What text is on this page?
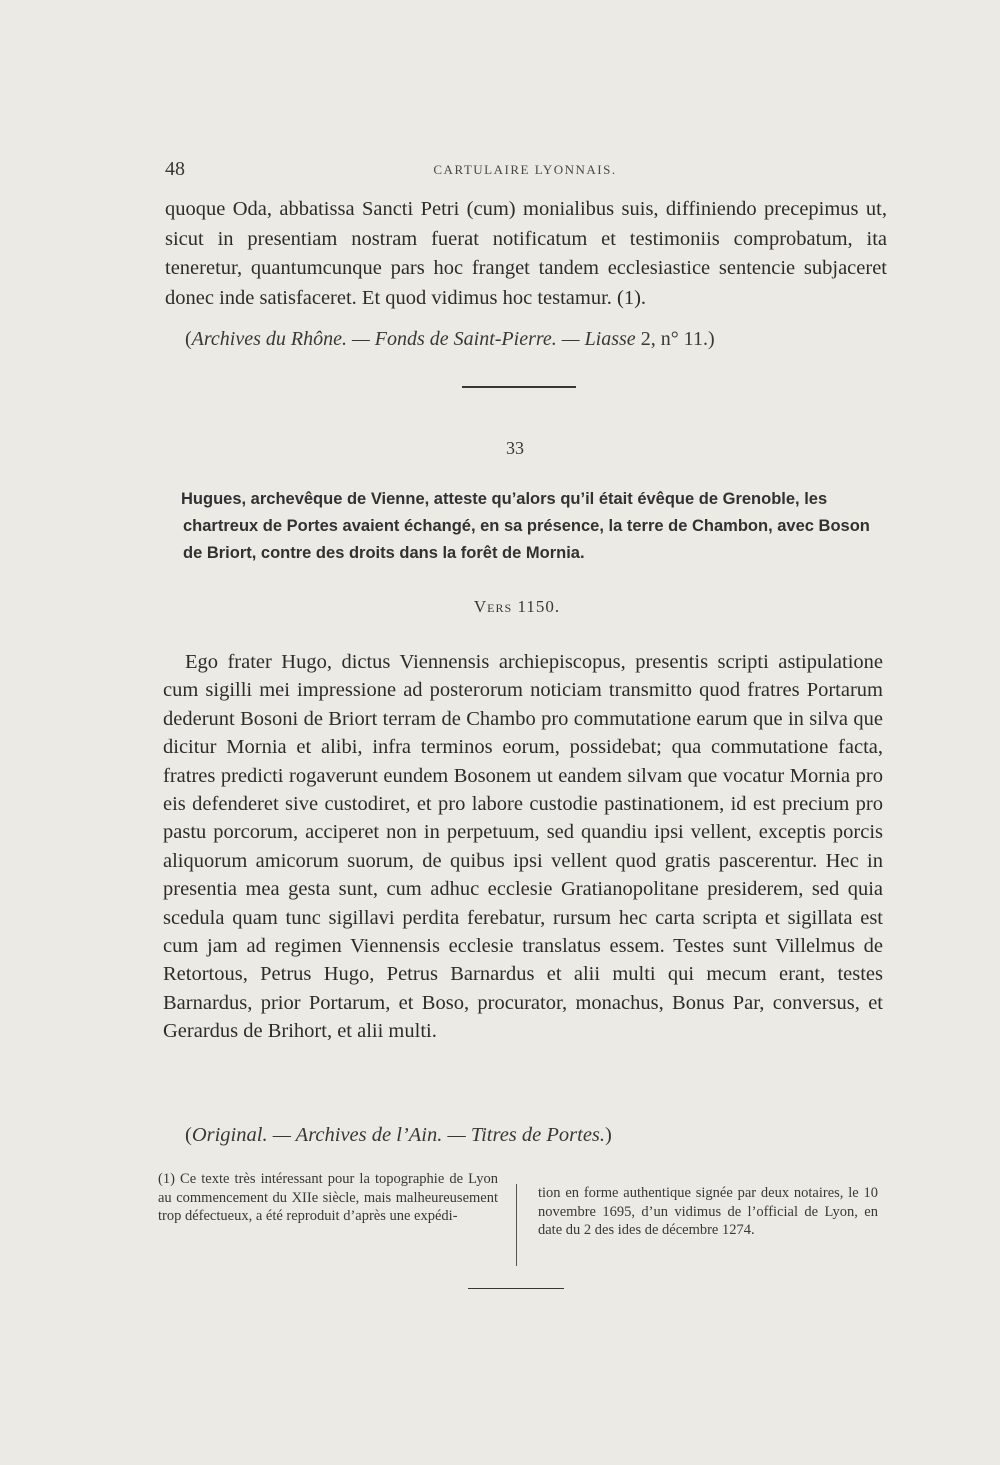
48	CARTULAIRE LYONNAIS.
quoque Oda, abbatissa Sancti Petri (cum) monialibus suis, diffiniendo precepimus ut, sicut in presentiam nostram fuerat notificatum et testimoniis comprobatum, ita teneretur, quantumcunque pars hoc franget tandem ecclesiastice sentencie subjaceret donec inde satisfaceret. Et quod vidimus hoc testamur. (1).
(Archives du Rhône. — Fonds de Saint-Pierre. — Liasse 2, n° 11.)
33

Hugues, archevêque de Vienne, atteste qu’alors qu’il était évêque de Grenoble, les chartreux de Portes avaient échangé, en sa présence, la terre de Chambon, avec Boson de Briort, contre des droits dans la forêt de Mornia.

Vers 1150.

Ego frater Hugo, dictus Viennensis archiepiscopus, presentis scripti astipulatione cum sigilli mei impressione ad posterorum noticiam transmitto quod fratres Portarum dederunt Bosoni de Briort terram de Chambo pro commutatione earum que in silva que dicitur Mornia et alibi, infra terminos eorum, possidebat; qua commutatione facta, fratres predicti rogaverunt eundem Bosonem ut eandem silvam que vocatur Mornia pro eis defenderet sive custodiret, et pro labore custodie pastinationem, id est precium pro pastu porcorum, acciperet non in perpetuum, sed quandiu ipsi vellent, exceptis porcis aliquorum amicorum suorum, de quibus ipsi vellent quod gratis pascerentur. Hec in presentia mea gesta sunt, cum adhuc ecclesie Gratianopolitane presiderem, sed quia scedula quam tunc sigillavi perdita ferebatur, rursum hec carta scripta et sigillata est cum jam ad regimen Viennensis ecclesie translatus essem. Testes sunt Villelmus de Retortous, Petrus Hugo, Petrus Barnardus et alii multi qui mecum erant, testes Barnardus, prior Portarum, et Boso, procurator, monachus, Bonus Par, conversus, et Gerardus de Brihort, et alii multi.

(Original. — Archives de l’Ain. — Titres de Portes.)
(1) Ce texte très intéressant pour la topographie de Lyon au commencement du XIIe siècle, mais malheureusement trop défectueux, a été reproduit d’après une expédi-
tion en forme authentique signée par deux notaires, le 10 novembre 1695, d’un vidimus de l’official de Lyon, en date du 2 des ides de décembre 1274.
